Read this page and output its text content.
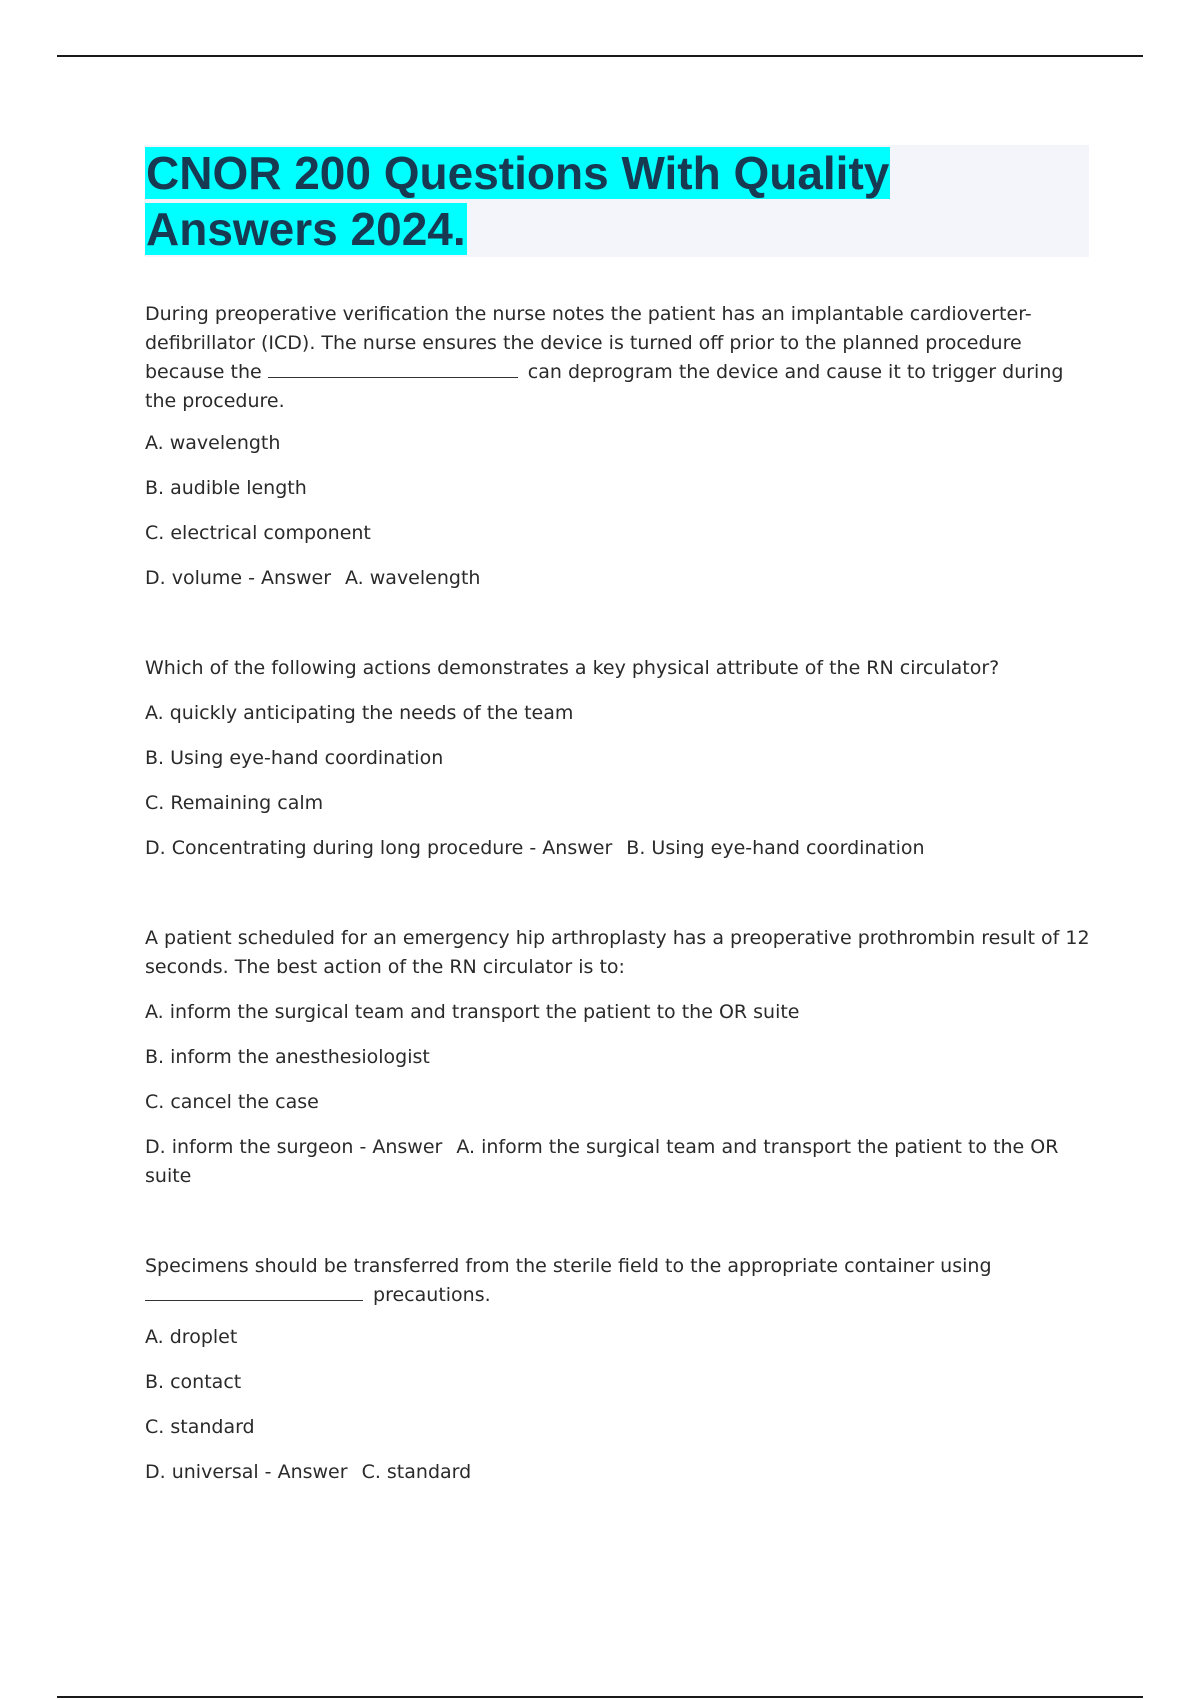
CNOR 200 Questions With Quality
Answers 2024.

During preoperative verification the nurse notes the patient has an implantable cardioverter-defibrillator (ICD). The nurse ensures the device is turned off prior to the planned procedure because the	can deprogram the device and cause it to trigger during the procedure.

A. wavelength

B. audible length

C. electrical component

D. volume - Answer A. wavelength

Which of the following actions demonstrates a key physical attribute of the RN circulator?

A. quickly anticipating the needs of the team

B. Using eye-hand coordination

C. Remaining calm

D. Concentrating during long procedure - Answer B. Using eye-hand coordination

A patient scheduled for an emergency hip arthroplasty has a preoperative prothrombin result of 12 seconds. The best action of the RN circulator is to:

A. inform the surgical team and transport the patient to the OR suite

B. inform the anesthesiologist

C. cancel the case

D. inform the surgeon - Answer A. inform the surgical team and transport the patient to the OR suite

Specimens should be transferred from the sterile field to the appropriate container using
precautions.

A. droplet

B. contact

C. standard

D. universal - Answer C. standard
